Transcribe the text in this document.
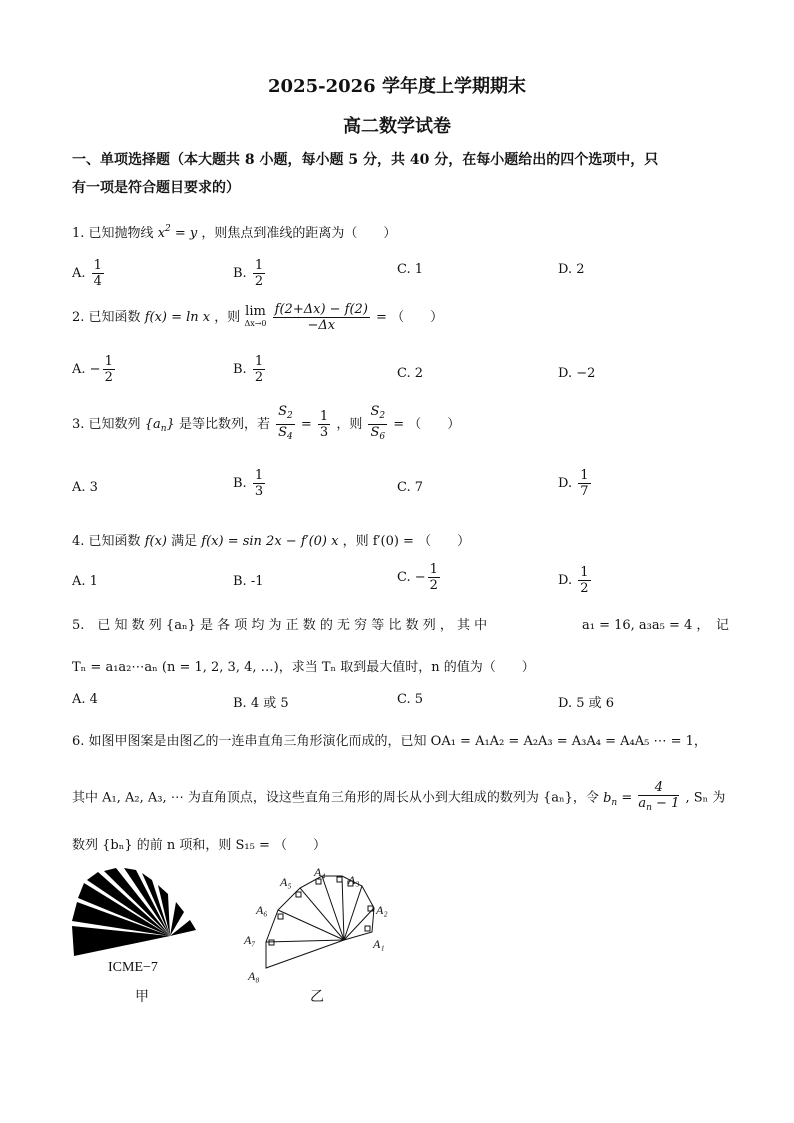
2025-2026 学年度上学期期末
高二数学试卷
一、单项选择题（本大题共 8 小题，每小题 5 分，共 40 分，在每小题给出的四个选项中，只
有一项是符合题目要求的）
1. 已知抛物线 $x^2 = y$ ，则焦点到准线的距离为（　　）
A. $\frac{1}{4}$	B. $\frac{1}{2}$	C. 1	D. 2
2. 已知函数 f(x) = ln x ，则 lim
Δx→0
$\frac{f(2+\Delta x) - f(2)}{-\Delta x}$ = （　　）
A. − $\frac{1}{2}$	B. $\frac{1}{2}$	C. 2	D. −2
3. 已知数列 $\{a_n\}$ 是等比数列，若 $\frac{S_2}{S_4} = \frac{1}{3}$ ，则 $\frac{S_2}{S_6}$ = （　　）
A. 3	B. $\frac{1}{3}$	C. 7	D. $\frac{1}{7}$
4. 已知函数 f(x) 满足 f(x) = sin 2x − f′(0) x ，则 f′(0) = （　　）
A. 1	B. -1	C. − $\frac{1}{2}$	D. $\frac{1}{2}$
5.　已 知 数 列 {aₙ} 是 各 项 均 为 正 数 的 无 穷 等 比 数 列 ， 其 中	a₁ = 16, a₃a₅ = 4 ，　记
Tₙ = a₁a₂⋯aₙ (n = 1, 2, 3, 4, …)，求当 Tₙ 取到最大值时，n 的值为（　　）
A. 4	B. 4 或 5	C. 5	D. 5 或 6
6. 如图甲图案是由图乙的一连串直角三角形演化而成的，已知 OA₁ = A₁A₂ = A₂A₃ = A₃A₄ = A₄A₅ ⋯ = 1，
其中 A₁, A₂, A₃, ⋯ 为直角顶点，设这些直角三角形的周长从小到大组成的数列为 {aₙ}，令 $b_n = \frac{4}{a_n - 1}$ , Sₙ 为
数列 {bₙ} 的前 n 项和，则 S₁₅ = （　　）
ICME−7
甲
A₁
A₂
A₃
A₄
A₅
A₆
A₇
A₈
乙
